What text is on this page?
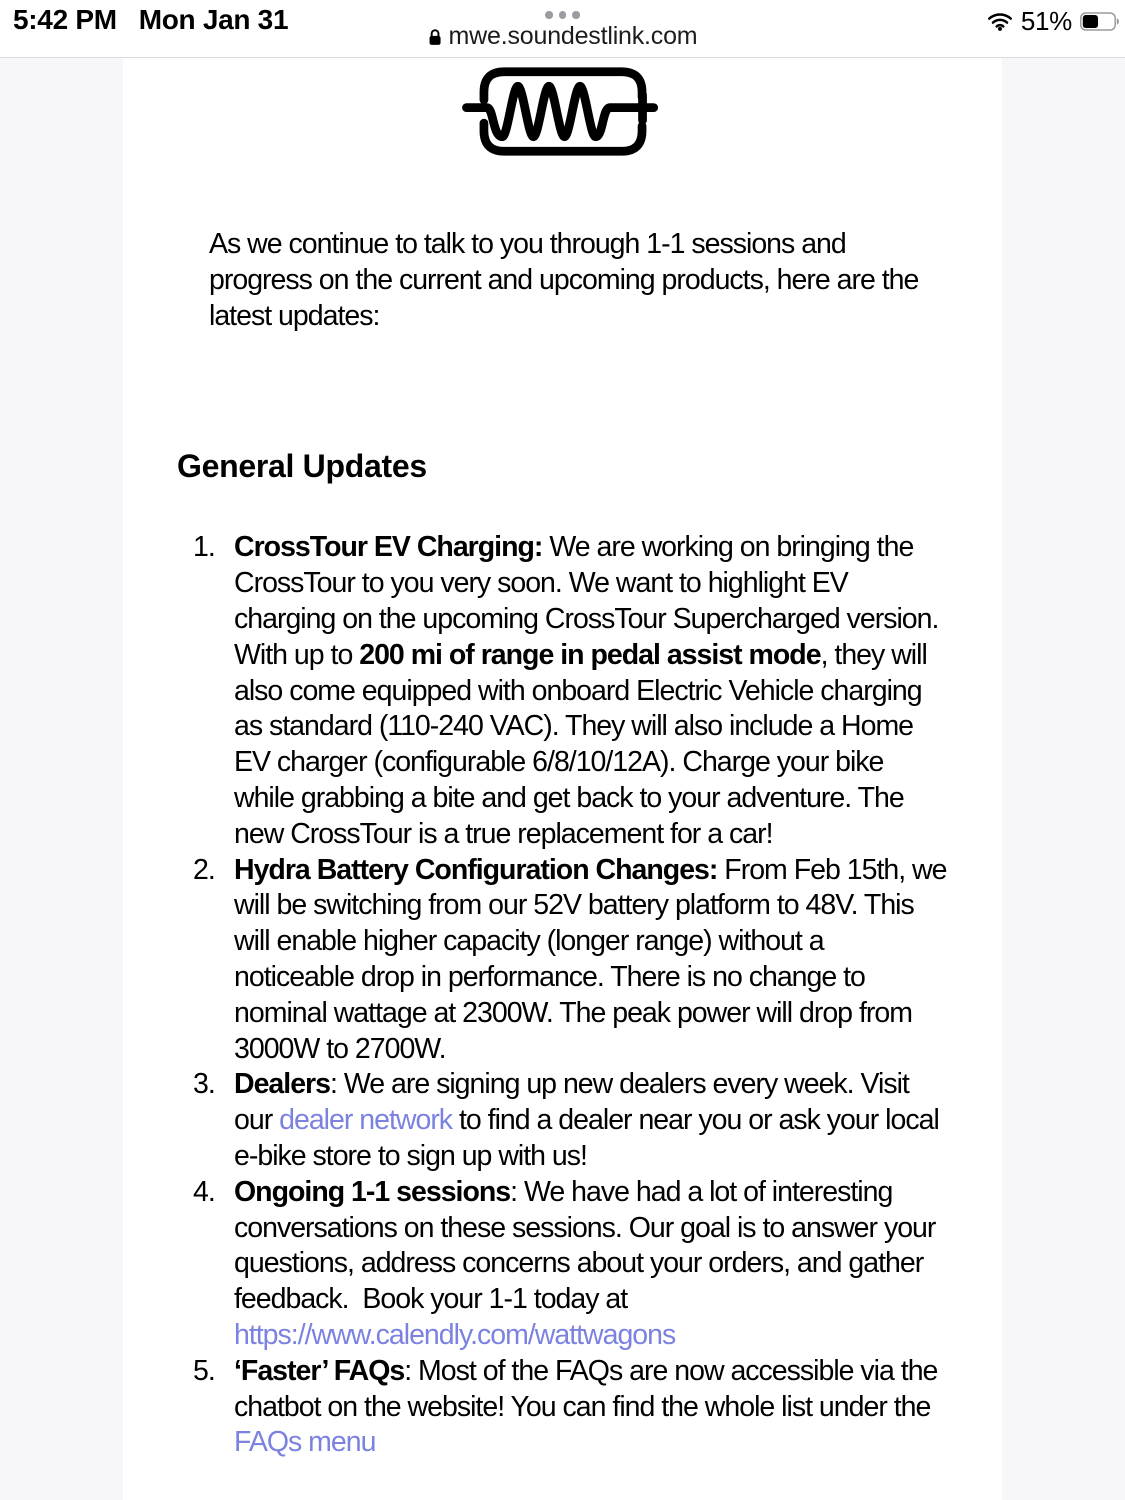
5:42 PM Mon Jan 31
mwe.soundestlink.com	51%

As we continue to talk to you through 1-1 sessions and progress on the current and upcoming products, here are the latest updates:

General Updates
1. CrossTour EV Charging: We are working on bringing the CrossTour to you very soon. We want to highlight EV charging on the upcoming CrossTour Supercharged version. With up to 200 mi of range in pedal assist mode, they will also come equipped with onboard Electric Vehicle charging as standard (110-240 VAC). They will also include a Home EV charger (configurable 6/8/10/12A). Charge your bike while grabbing a bite and get back to your adventure. The new CrossTour is a true replacement for a car!
2. Hydra Battery Configuration Changes: From Feb 15th, we will be switching from our 52V battery platform to 48V. This will enable higher capacity (longer range) without a noticeable drop in performance. There is no change to nominal wattage at 2300W. The peak power will drop from 3000W to 2700W.
3. Dealers: We are signing up new dealers every week. Visit our dealer network to find a dealer near you or ask your local e-bike store to sign up with us!
4. Ongoing 1-1 sessions: We have had a lot of interesting conversations on these sessions. Our goal is to answer your questions, address concerns about your orders, and gather feedback.  Book your 1-1 today at https://www.calendly.com/wattwagons
5. ‘Faster’ FAQs: Most of the FAQs are now accessible via the chatbot on the website! You can find the whole list under the FAQs menu
